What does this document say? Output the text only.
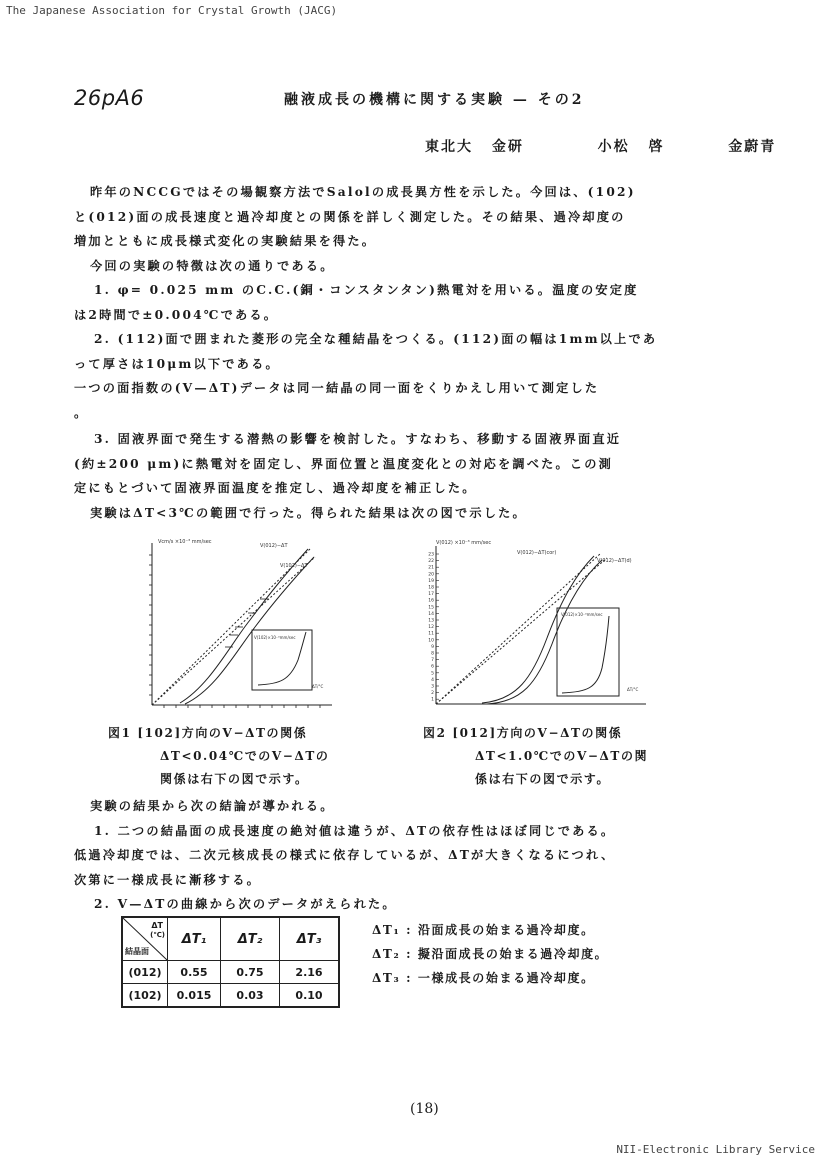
The Japanese Association for Crystal Growth (JACG)
26pA6	融液成長の機構に関する実験 — その2
東北大 金研	小松 啓	金蔚青
昨年のNCCGではその場観察方法でSalolの成長異方性を示した。今回は、(102)
と(012)面の成長速度と過冷却度との関係を詳しく測定した。その結果、過冷却度の
増加とともに成長様式変化の実験結果を得た。
今回の実験の特徴は次の通りである。
1. φ= 0.025 mm のC.C.(銅・コンスタンタン)熱電対を用いる。温度の安定度
は2時間で±0.004℃である。
2. (112)面で囲まれた菱形の完全な種結晶をつくる。(112)面の幅は1mm以上であ
って厚さは10μm以下である。
一つの面指数の(V—ΔT)データは同一結晶の同一面をくりかえし用いて測定した
。
3. 固液界面で発生する潜熱の影響を検討した。すなわち、移動する固液界面直近
(約±200 μm)に熱電対を固定し、界面位置と温度変化との対応を調べた。この測
定にもとづいて固液界面温度を推定し、過冷却度を補正した。
実験はΔT<3℃の範囲で行った。得られた結果は次の図で示した。
Vcm/s ×10⁻³ mm/sec
V(012)−ΔT
V(102)−ΔT
V(102)×10⁻³mm/sec
ΔT/°C
23
22
21
20
19
18
17
16
15
14
13
12
11
10
9
8
7
6
5
4
3
2
1
V(012) ×10⁻³ mm/sec
V(012)−ΔT(cor)
V(012)−ΔT(d)
V(012)×10⁻³mm/sec
ΔT/°C
図1 [102]方向のV−ΔTの関係
ΔT<0.04℃でのV−ΔTの
関係は右下の図で示す。
図2 [012]方向のV−ΔTの関係
ΔT<1.0℃でのV−ΔTの関
係は右下の図で示す。
実験の結果から次の結論が導かれる。
1. 二つの結晶面の成長速度の絶対値は違うが、ΔTの依存性はほぼ同じである。
低過冷却度では、二次元核成長の様式に依存しているが、ΔTが大きくなるにつれ、
次第に一様成長に漸移する。
2. V—ΔTの曲線から次のデータがえられた。
ΔT
(℃)
結晶面	ΔT₁	ΔT₂	ΔT₃
(012)	0.55	0.75	2.16
(102)	0.015	0.03	0.10
ΔT₁ : 沿面成長の始まる過冷却度。
ΔT₂ : 擬沿面成長の始まる過冷却度。
ΔT₃ : 一様成長の始まる過冷却度。
(18)
NII-Electronic Library Service
